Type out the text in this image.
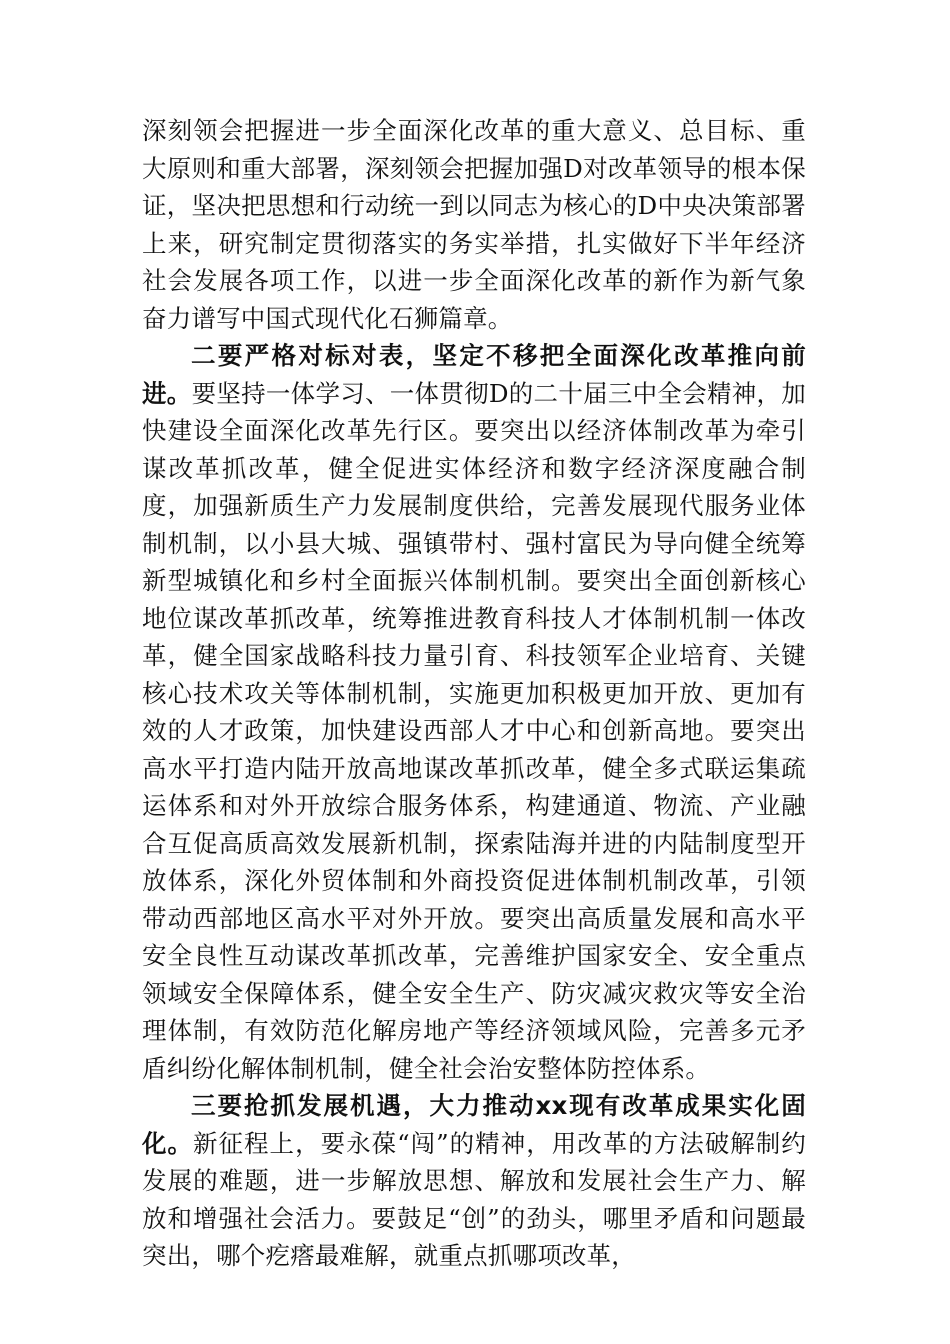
深刻领会把握进一步全面深化改革的重大意义、总目标、重大原则和重大部署，深刻领会把握加强D对改革领导的根本保证，坚决把思想和行动统一到以同志为核心的D中央决策部署上来，研究制定贯彻落实的务实举措，扎实做好下半年经济社会发展各项工作，以进一步全面深化改革的新作为新气象奋力谱写中国式现代化石狮篇章。

二要严格对标对表，坚定不移把全面深化改革推向前进。要坚持一体学习、一体贯彻D的二十届三中全会精神，加快建设全面深化改革先行区。要突出以经济体制改革为牵引谋改革抓改革，健全促进实体经济和数字经济深度融合制度，加强新质生产力发展制度供给，完善发展现代服务业体制机制，以小县大城、强镇带村、强村富民为导向健全统筹新型城镇化和乡村全面振兴体制机制。要突出全面创新核心地位谋改革抓改革，统筹推进教育科技人才体制机制一体改革，健全国家战略科技力量引育、科技领军企业培育、关键核心技术攻关等体制机制，实施更加积极更加开放、更加有效的人才政策，加快建设西部人才中心和创新高地。要突出高水平打造内陆开放高地谋改革抓改革，健全多式联运集疏运体系和对外开放综合服务体系，构建通道、物流、产业融合互促高质高效发展新机制，探索陆海并进的内陆制度型开放体系，深化外贸体制和外商投资促进体制机制改革，引领带动西部地区高水平对外开放。要突出高质量发展和高水平安全良性互动谋改革抓改革，完善维护国家安全、安全重点领域安全保障体系，健全安全生产、防灾减灾救灾等安全治理体制，有效防范化解房地产等经济领域风险，完善多元矛盾纠纷化解体制机制，健全社会治安整体防控体系。

三要抢抓发展机遇，大力推动xx现有改革成果实化固化。新征程上，要永葆“闯”的精神，用改革的方法破解制约发展的难题，进一步解放思想、解放和发展社会生产力、解放和增强社会活力。要鼓足“创”的劲头，哪里矛盾和问题最突出，哪个疙瘩最难解，就重点抓哪项改革，
